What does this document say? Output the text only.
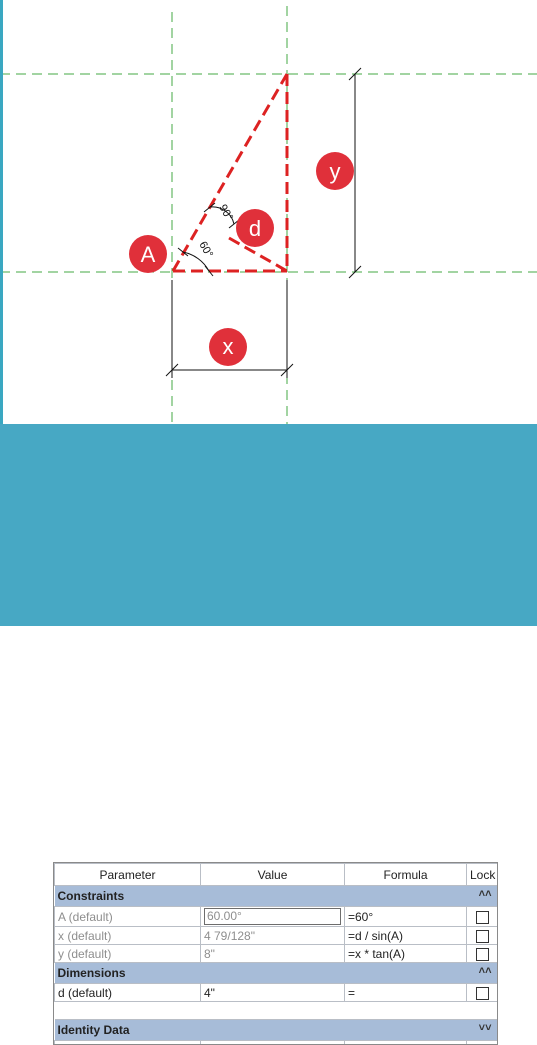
60°
90°
A
d
y
x
Parameter	Value	Formula	Lock
Constraints ˄˄			

A (default)	60.00°	=60°	
x (default)	4 79/128"	=d / sin(A)	
y (default)	8"	=x * tan(A)	
Dimensions ˄˄			

d (default)	4"	=	

Identity Data ˅˅			
